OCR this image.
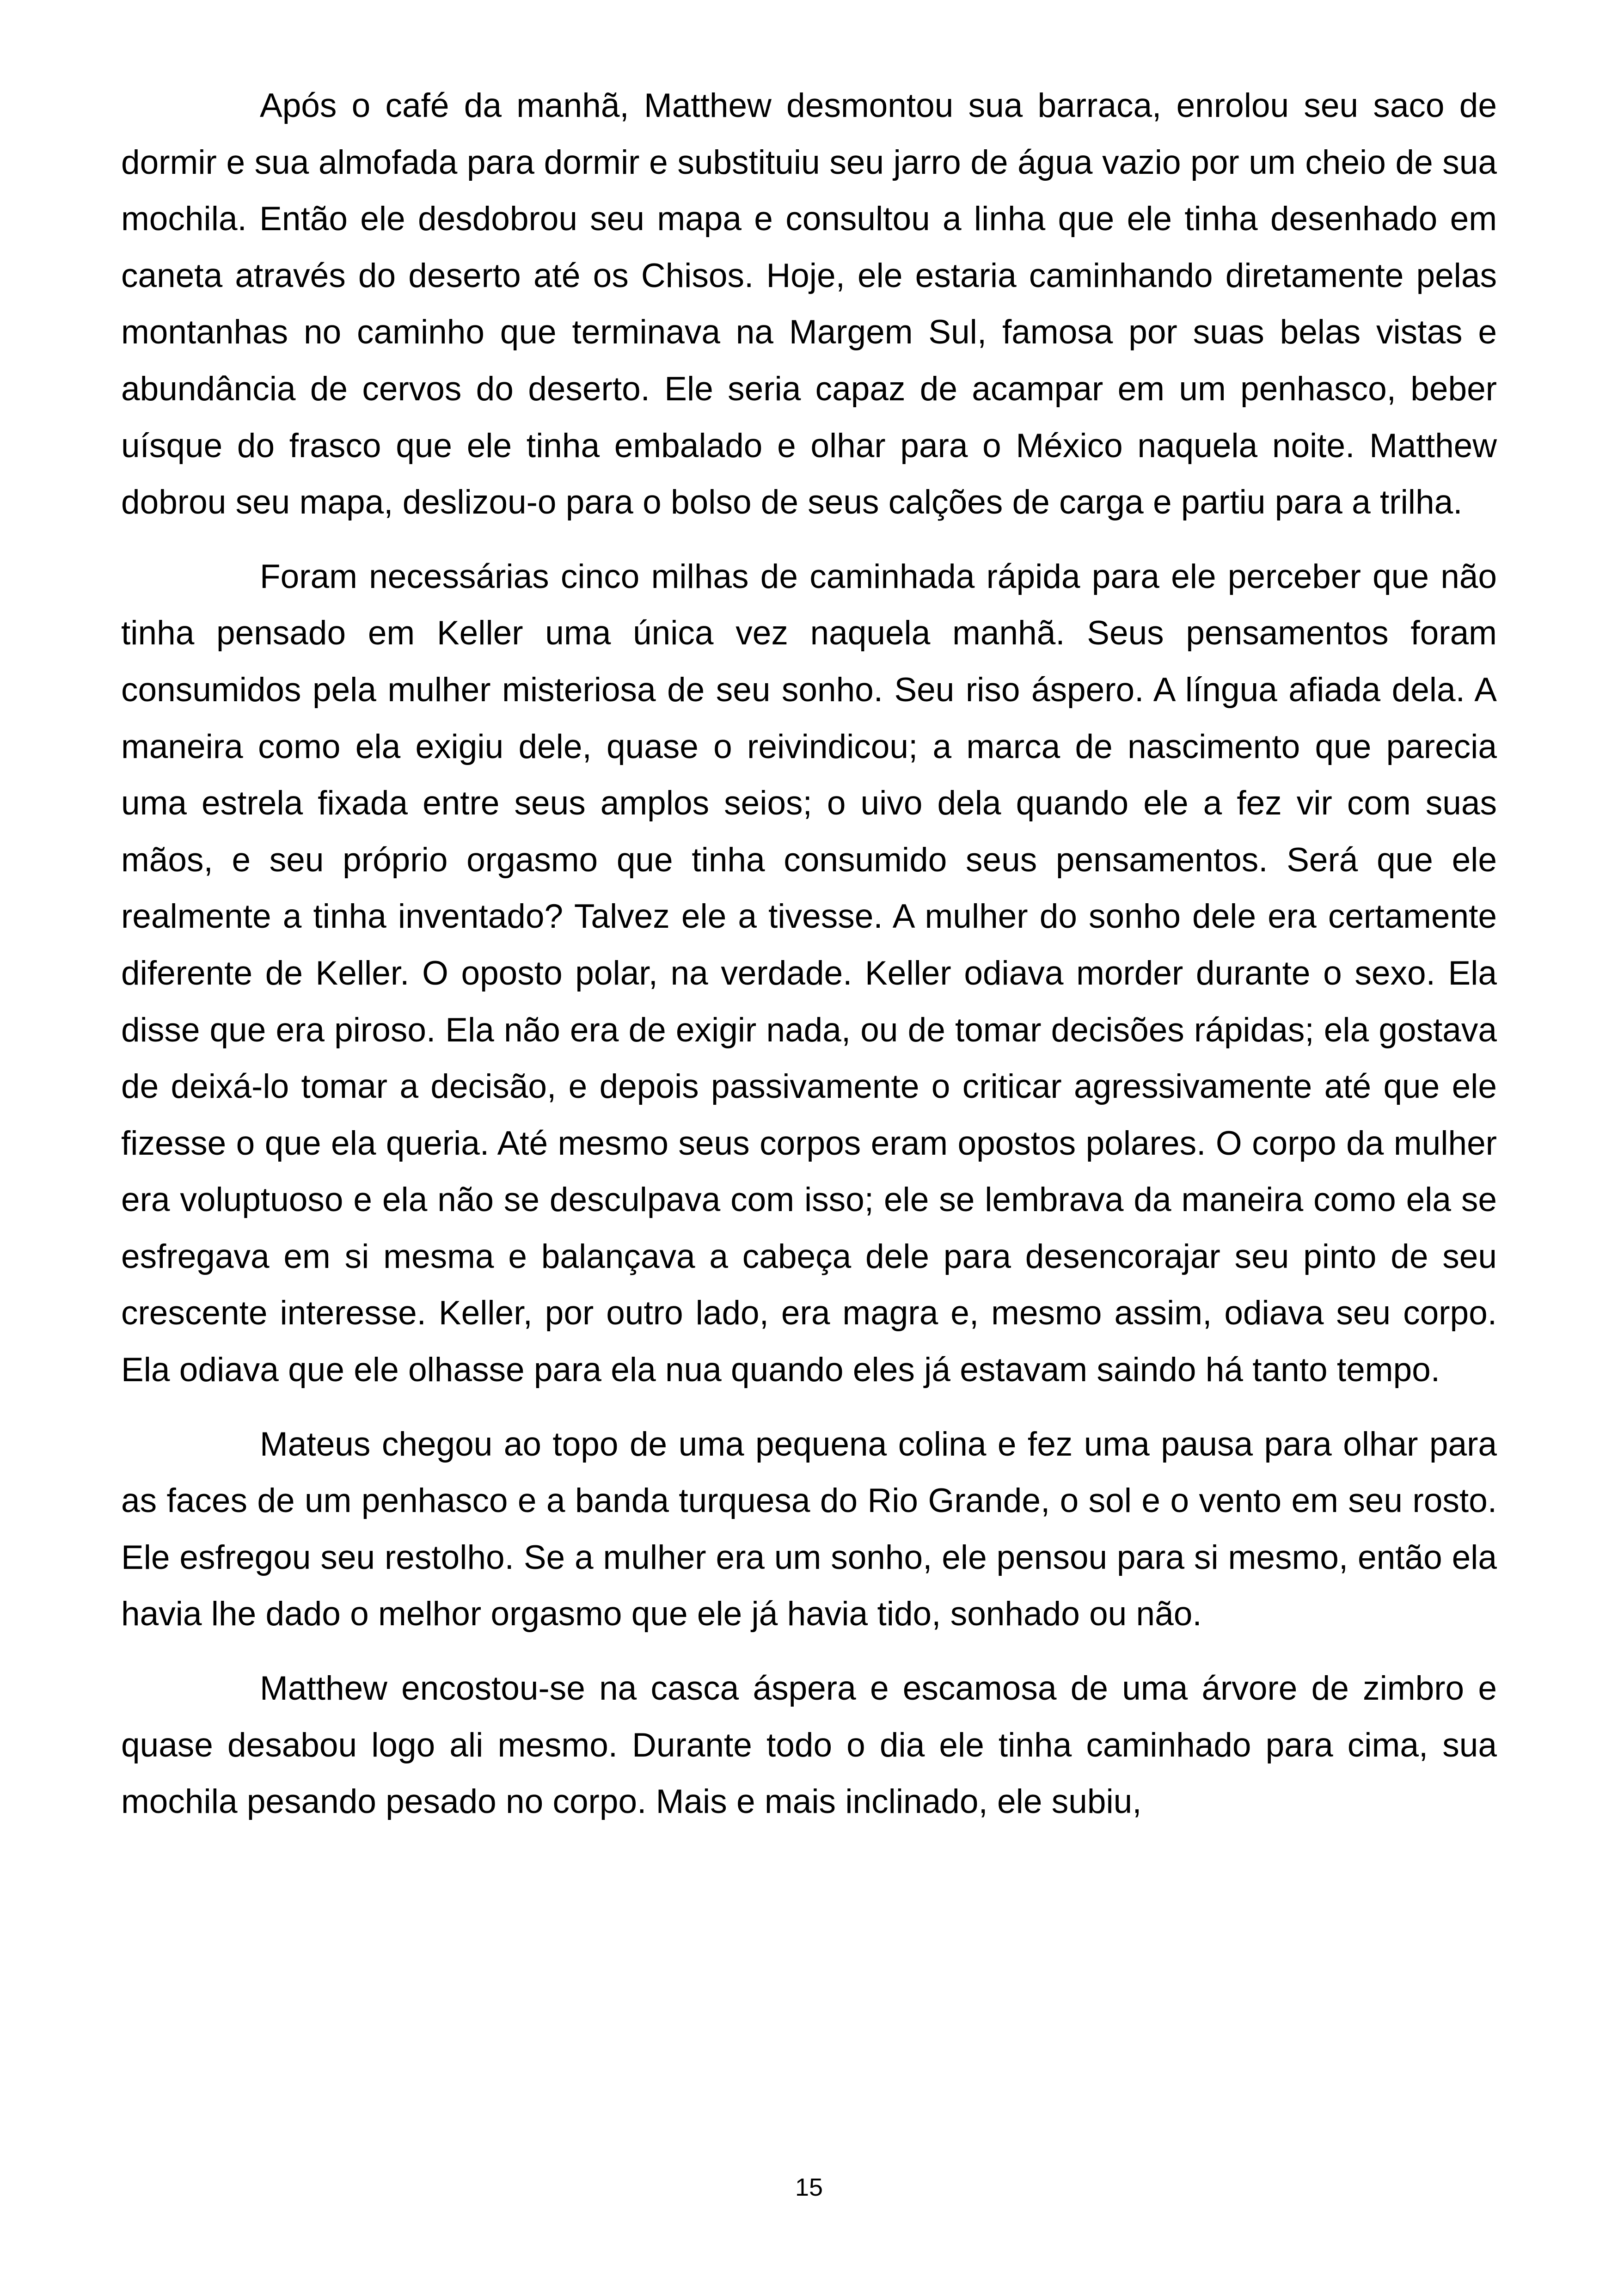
Após o café da manhã, Matthew desmontou sua barraca, enrolou seu saco de dormir e sua almofada para dormir e substituiu seu jarro de água vazio por um cheio de sua mochila. Então ele desdobrou seu mapa e consultou a linha que ele tinha desenhado em caneta através do deserto até os Chisos. Hoje, ele estaria caminhando diretamente pelas montanhas no caminho que terminava na Margem Sul, famosa por suas belas vistas e abundância de cervos do deserto. Ele seria capaz de acampar em um penhasco, beber uísque do frasco que ele tinha embalado e olhar para o México naquela noite. Matthew dobrou seu mapa, deslizou-o para o bolso de seus calções de carga e partiu para a trilha.

Foram necessárias cinco milhas de caminhada rápida para ele perceber que não tinha pensado em Keller uma única vez naquela manhã. Seus pensamentos foram consumidos pela mulher misteriosa de seu sonho. Seu riso áspero. A língua afiada dela. A maneira como ela exigiu dele, quase o reivindicou; a marca de nascimento que parecia uma estrela fixada entre seus amplos seios; o uivo dela quando ele a fez vir com suas mãos, e seu próprio orgasmo que tinha consumido seus pensamentos. Será que ele realmente a tinha inventado? Talvez ele a tivesse. A mulher do sonho dele era certamente diferente de Keller. O oposto polar, na verdade. Keller odiava morder durante o sexo. Ela disse que era piroso. Ela não era de exigir nada, ou de tomar decisões rápidas; ela gostava de deixá-lo tomar a decisão, e depois passivamente o criticar agressivamente até que ele fizesse o que ela queria. Até mesmo seus corpos eram opostos polares. O corpo da mulher era voluptuoso e ela não se desculpava com isso; ele se lembrava da maneira como ela se esfregava em si mesma e balançava a cabeça dele para desencorajar seu pinto de seu crescente interesse. Keller, por outro lado, era magra e, mesmo assim, odiava seu corpo. Ela odiava que ele olhasse para ela nua quando eles já estavam saindo há tanto tempo.

Mateus chegou ao topo de uma pequena colina e fez uma pausa para olhar para as faces de um penhasco e a banda turquesa do Rio Grande, o sol e o vento em seu rosto. Ele esfregou seu restolho. Se a mulher era um sonho, ele pensou para si mesmo, então ela havia lhe dado o melhor orgasmo que ele já havia tido, sonhado ou não.

Matthew encostou-se na casca áspera e escamosa de uma árvore de zimbro e quase desabou logo ali mesmo. Durante todo o dia ele tinha caminhado para cima, sua mochila pesando pesado no corpo. Mais e mais inclinado, ele subiu,

15
